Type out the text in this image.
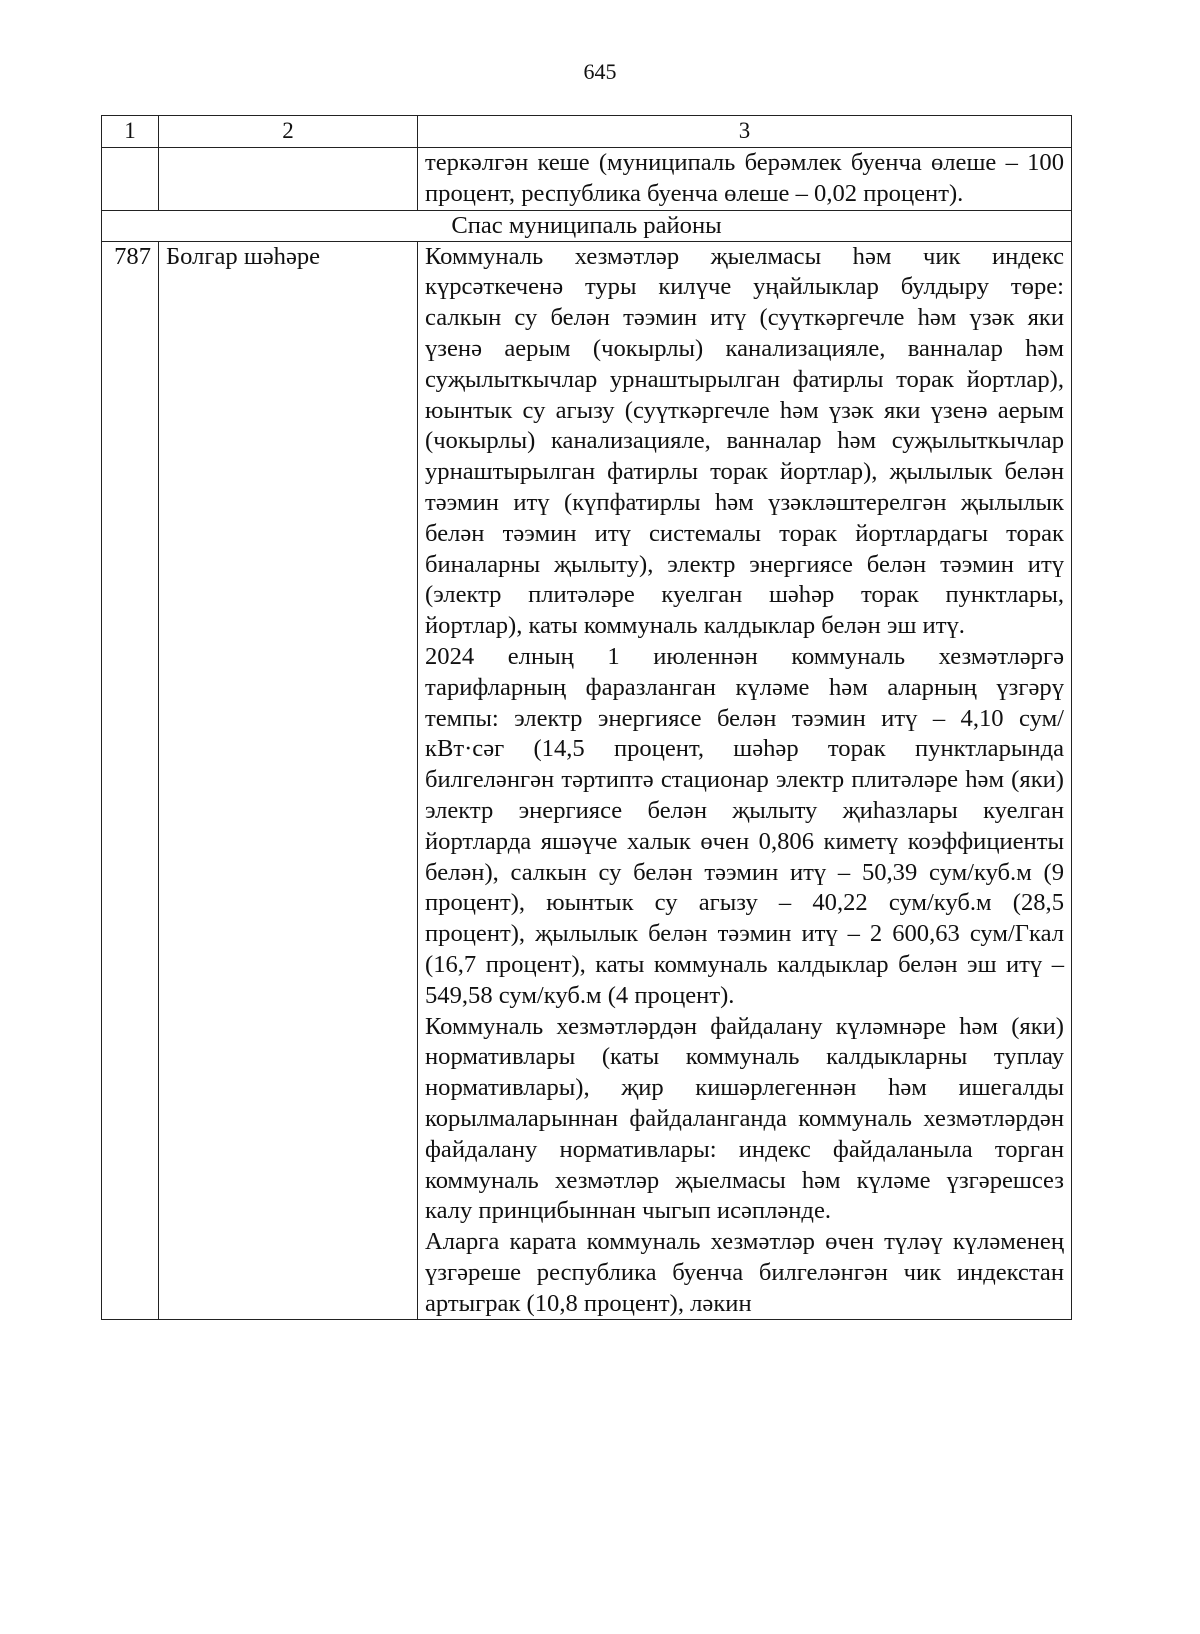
645
1	2	3

		теркәлгән кеше (муниципаль берәмлек буенча өлеше – 100 процент, республика буенча өлеше – 0,02 процент).

Спас муниципаль районы		
787	Болгар шәһәре	Коммуналь хезмәтләр җыелмасы һәм чик индекс күрсәткеченә туры килүче уңайлыклар булдыру төре: салкын су белән тәэмин итү (суүткәргечле һәм үзәк яки үзенә аерым (чокырлы) канализацияле, ванналар һәм суҗылыткычлар урнаштырылган фатирлы торак йортлар), юынтык су агызу (суүткәргечле һәм үзәк яки үзенә аерым (чокырлы) канализацияле, ванналар һәм суҗылыткычлар урнаштырылган фатирлы торак йортлар), җылылык белән тәэмин итү (күпфатирлы һәм үзәкләштерелгән җылылык белән тәэмин итү системалы торак йортлардагы торак биналарны җылыту), электр энергиясе белән тәэмин итү (электр плитәләре куелган шәһәр торак пунктлары, йортлар), каты коммуналь калдыклар белән эш итү.

2024 елның 1 июленнән коммуналь хезмәтләргә тарифларның фаразланган күләме һәм аларның үзгәрү темпы: электр энергиясе белән тәэмин итү – 4,10 сум/кВт·сәг (14,5 процент, шәһәр торак пунктларында билгеләнгән тәртиптә стационар электр плитәләре һәм (яки) электр энергиясе белән җылыту җиһазлары куелган йортларда яшәүче халык өчен 0,806 киметү коэффициенты белән), салкын су белән тәэмин итү – 50,39 сум/куб.м (9 процент), юынтык су агызу – 40,22 сум/куб.м (28,5 процент), җылылык белән тәэмин итү – 2 600,63 сум/Гкал (16,7 процент), каты коммуналь калдыклар белән эш итү – 549,58 сум/куб.м (4 процент).

Коммуналь хезмәтләрдән файдалану күләмнәре һәм (яки) нормативлары (каты коммуналь калдыкларны туплау нормативлары), җир кишәрлегеннән һәм ишегалды корылмаларыннан файдаланганда коммуналь хезмәтләрдән файдалану нормативлары: индекс файдаланыла торган коммуналь хезмәтләр җыелмасы һәм күләме үзгәрешсез калу принцибыннан чыгып исәпләнде.

Аларга карата коммуналь хезмәтләр өчен түләү күләменең үзгәреше республика буенча билгеләнгән чик индекстан артыграк (10,8 процент), ләкин
